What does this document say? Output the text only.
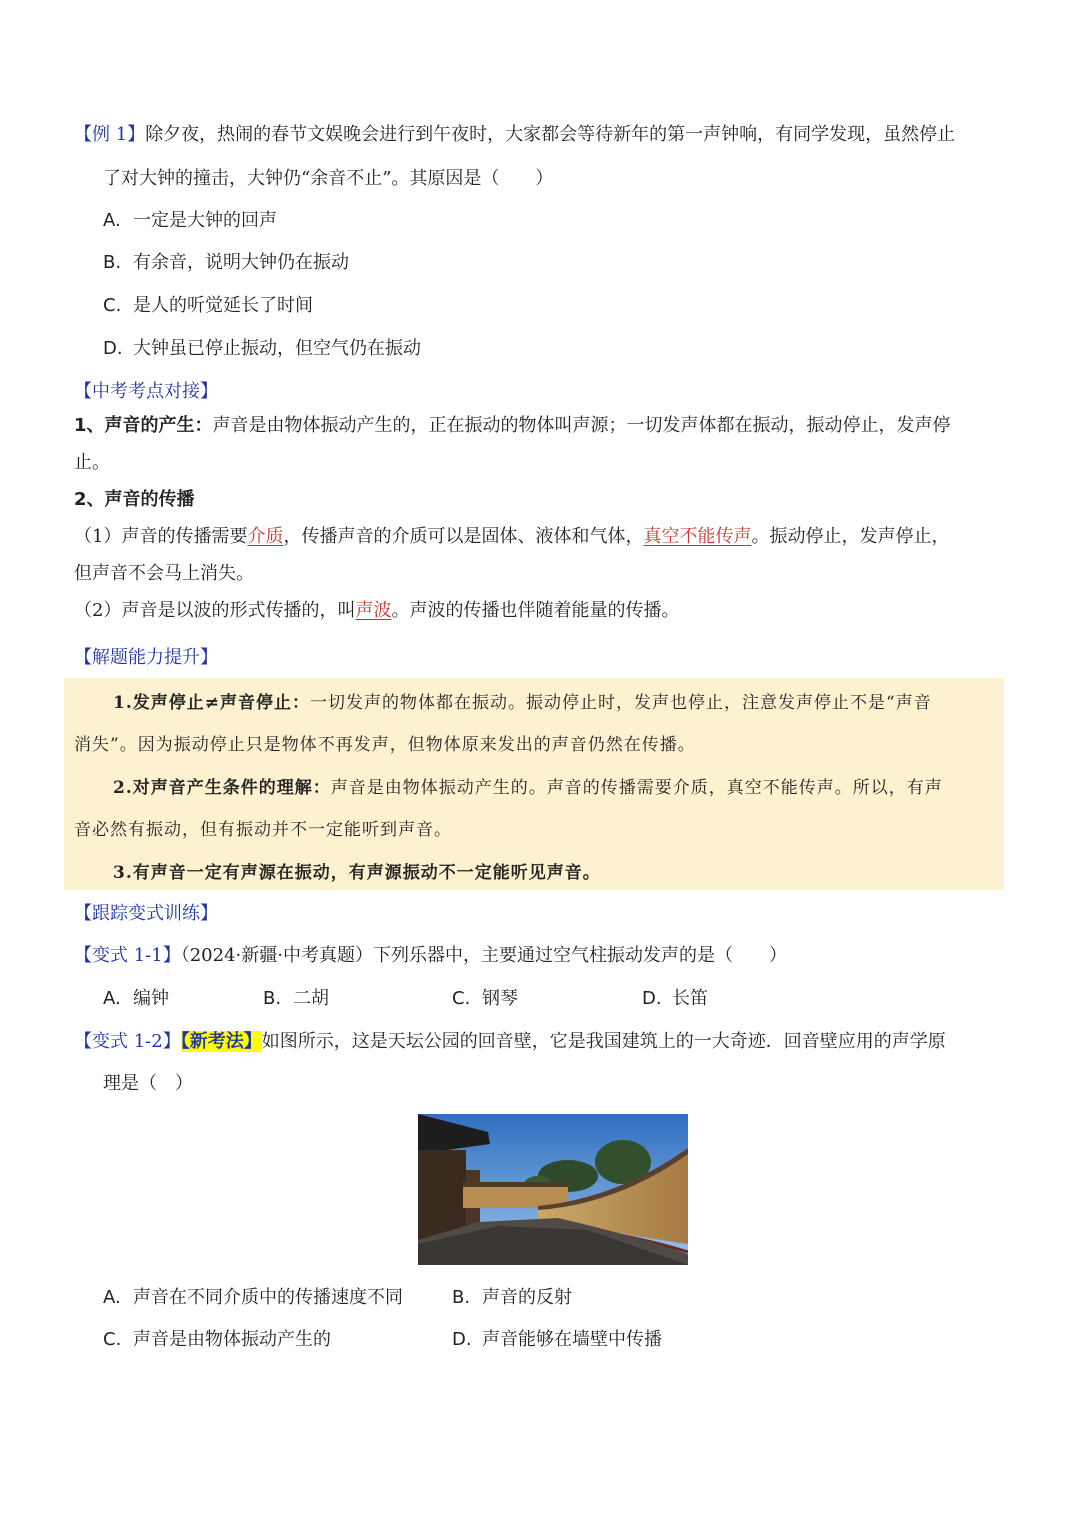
【例 1】除夕夜，热闹的春节文娱晚会进行到午夜时，大家都会等待新年的第一声钟响，有同学发现，虽然停止
了对大钟的撞击，大钟仍“余音不止”。其原因是（　　）
A. 一定是大钟的回声
B. 有余音，说明大钟仍在振动
C. 是人的听觉延长了时间
D. 大钟虽已停止振动，但空气仍在振动
【中考考点对接】
1、声音的产生：声音是由物体振动产生的，正在振动的物体叫声源；一切发声体都在振动，振动停止，发声停
止。
2、声音的传播
（1）声音的传播需要介质，传播声音的介质可以是固体、液体和气体，真空不能传声。振动停止，发声停止，
但声音不会马上消失。
（2）声音是以波的形式传播的，叫声波。声波的传播也伴随着能量的传播。
【解题能力提升】
1.发声停止≠声音停止：一切发声的物体都在振动。振动停止时，发声也停止，注意发声停止不是“声音
消失”。因为振动停止只是物体不再发声，但物体原来发出的声音仍然在传播。
2.对声音产生条件的理解：声音是由物体振动产生的。声音的传播需要介质，真空不能传声。所以，有声
音必然有振动，但有振动并不一定能听到声音。
3.有声音一定有声源在振动，有声源振动不一定能听见声音。
【跟踪变式训练】
【变式 1-1】（2024·新疆·中考真题）下列乐器中，主要通过空气柱振动发声的是（　　）
A. 编钟	B. 二胡	C. 钢琴	D. 长笛
【变式 1-2】【新考法】如图所示，这是天坛公园的回音壁，它是我国建筑上的一大奇迹．回音壁应用的声学原
理是（　）
A. 声音在不同介质中的传播速度不同	B. 声音的反射
C. 声音是由物体振动产生的	D. 声音能够在墙壁中传播
